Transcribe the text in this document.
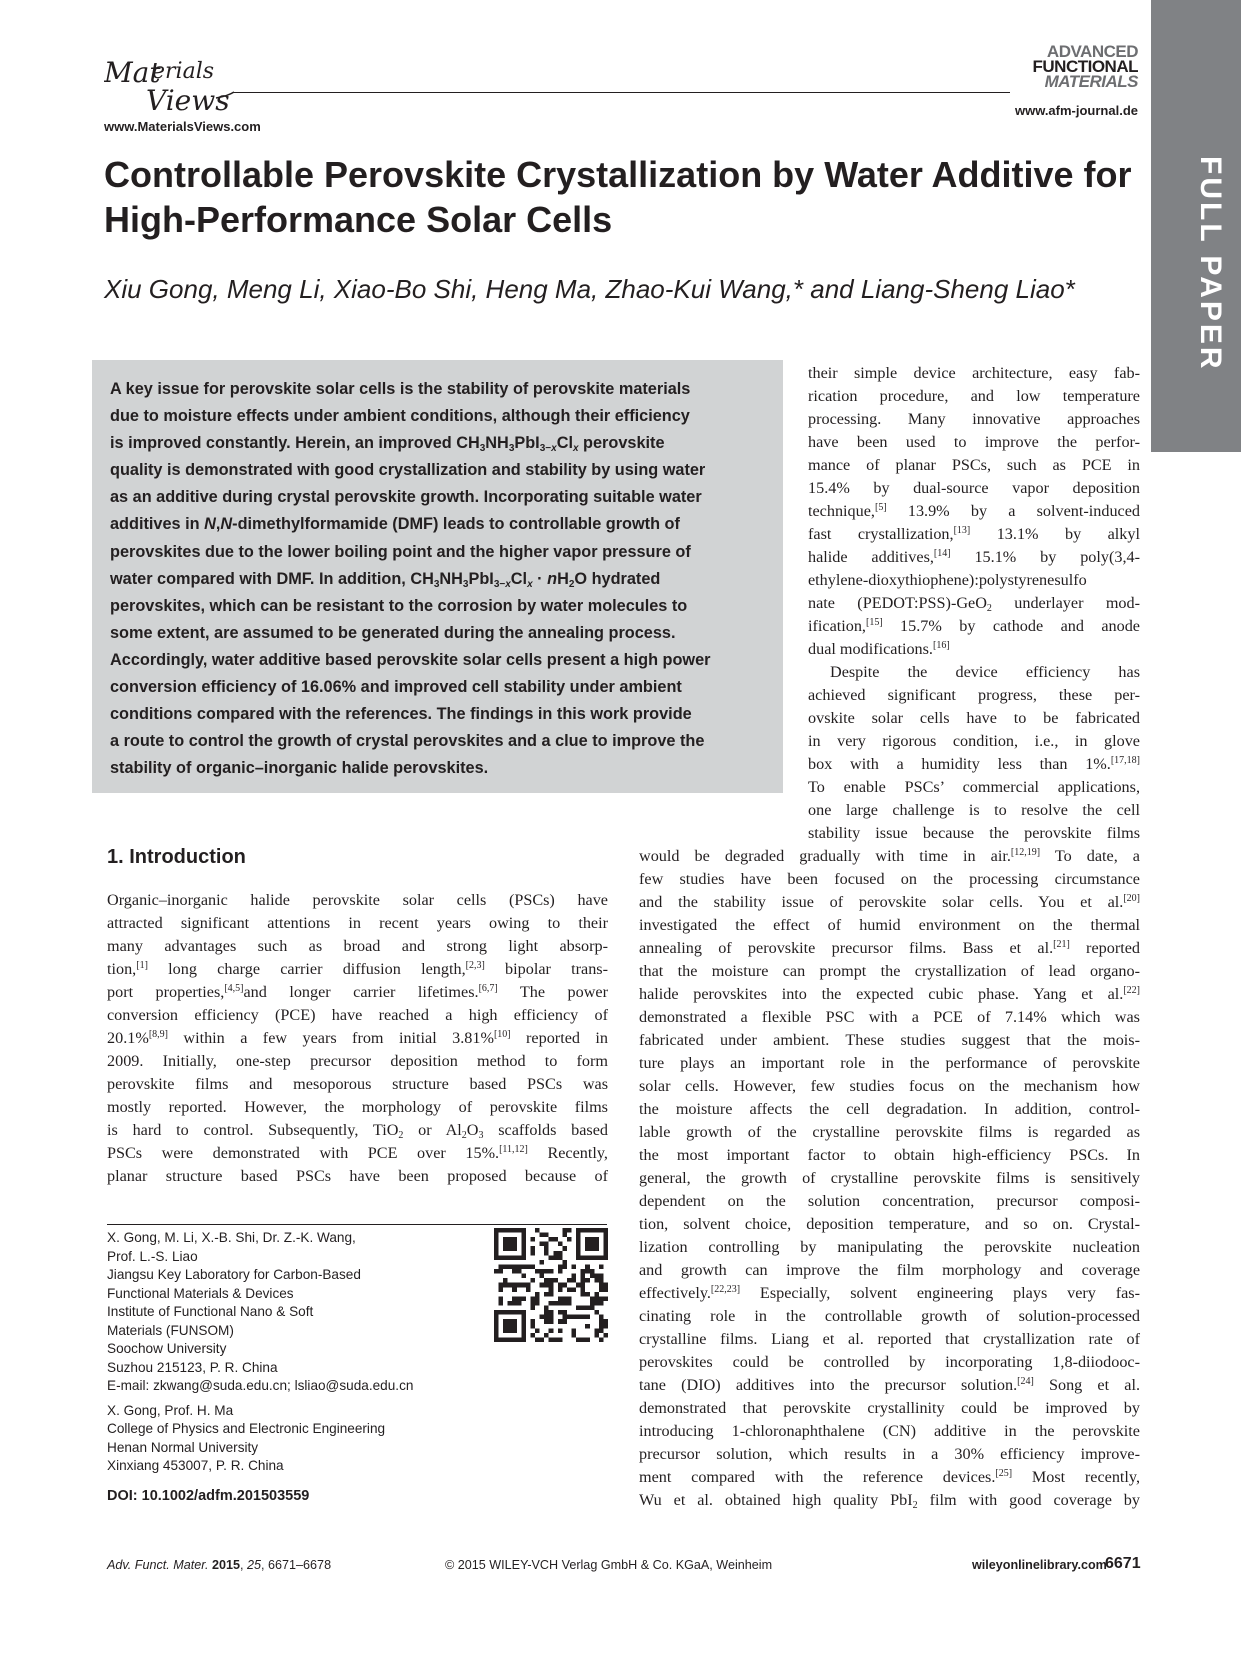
Mat
erials
Views
www.MaterialsViews.com
ADVANCED
FUNCTIONAL
MATERIALS
www.afm-journal.de
FULL PAPER
Controllable Perovskite Crystallization by Water Additive for
High-Performance Solar Cells
Xiu Gong, Meng Li, Xiao-Bo Shi, Heng Ma, Zhao-Kui Wang,* and Liang-Sheng Liao*
A key issue for perovskite solar cells is the stability of perovskite materials
due to moisture effects under ambient conditions, although their efficiency
is improved constantly. Herein, an improved $CH_3NH_3PbI_{3-x}Cl_x$ perovskite
quality is demonstrated with good crystallization and stability by using water
as an additive during crystal perovskite growth. Incorporating suitable water
additives in N,N-dimethylformamide (DMF) leads to controllable growth of
perovskites due to the lower boiling point and the higher vapor pressure of
water compared with DMF. In addition, $CH_3NH_3PbI_{3-x}Cl_x \cdot nH_2O$ hydrated
perovskites, which can be resistant to the corrosion by water molecules to
some extent, are assumed to be generated during the annealing process.
Accordingly, water additive based perovskite solar cells present a high power
conversion efficiency of 16.06% and improved cell stability under ambient
conditions compared with the references. The findings in this work provide
a route to control the growth of crystal perovskites and a clue to improve the
stability of organic–inorganic halide perovskites.
their simple device architecture, easy fab-
rication procedure, and low temperature
processing. Many innovative approaches
have been used to improve the perfor-
mance of planar PSCs, such as PCE in
15.4% by dual-source vapor deposition
technique,[5] 13.9% by a solvent-induced
fast crystallization,[13] 13.1% by alkyl
halide additives,[14] 15.1% by poly(3,4-
ethylene-dioxythiophene):polystyrenesulfo
nate (PEDOT:PSS)-GeO$_2$ underlayer mod-
ification,[15] 15.7% by cathode and anode
dual modifications.[16]
Despite the device efficiency has
achieved significant progress, these per-
ovskite solar cells have to be fabricated
in very rigorous condition, i.e., in glove
box with a humidity less than 1%.[17,18]
To enable PSCs’ commercial applications,
one large challenge is to resolve the cell
stability issue because the perovskite films
1. Introduction
Organic–inorganic halide perovskite solar cells (PSCs) have
attracted significant attentions in recent years owing to their
many advantages such as broad and strong light absorp-
tion,[1] long charge carrier diffusion length,[2,3] bipolar trans-
port properties,[4,5]and longer carrier lifetimes.[6,7] The power
conversion efficiency (PCE) have reached a high efficiency of
20.1%[8,9] within a few years from initial 3.81%[10] reported in
2009. Initially, one-step precursor deposition method to form
perovskite films and mesoporous structure based PSCs was
mostly reported. However, the morphology of perovskite films
is hard to control. Subsequently, TiO$_2$ or $Al_2O_3$ scaffolds based
PSCs were demonstrated with PCE over 15%.[11,12] Recently,
planar structure based PSCs have been proposed because of
would be degraded gradually with time in air.[12,19] To date, a
few studies have been focused on the processing circumstance
and the stability issue of perovskite solar cells. You et al.[20]
investigated the effect of humid environment on the thermal
annealing of perovskite precursor films. Bass et al.[21] reported
that the moisture can prompt the crystallization of lead organo-
halide perovskites into the expected cubic phase. Yang et al.[22]
demonstrated a flexible PSC with a PCE of 7.14% which was
fabricated under ambient. These studies suggest that the mois-
ture plays an important role in the performance of perovskite
solar cells. However, few studies focus on the mechanism how
the moisture affects the cell degradation. In addition, control-
lable growth of the crystalline perovskite films is regarded as
the most important factor to obtain high-efficiency PSCs. In
general, the growth of crystalline perovskite films is sensitively
dependent on the solution concentration, precursor composi-
tion, solvent choice, deposition temperature, and so on. Crystal-
lization controlling by manipulating the perovskite nucleation
and growth can improve the film morphology and coverage
effectively.[22,23] Especially, solvent engineering plays very fas-
cinating role in the controllable growth of solution-processed
crystalline films. Liang et al. reported that crystallization rate of
perovskites could be controlled by incorporating 1,8-diiodooc-
tane (DIO) additives into the precursor solution.[24] Song et al.
demonstrated that perovskite crystallinity could be improved by
introducing 1-chloronaphthalene (CN) additive in the perovskite
precursor solution, which results in a 30% efficiency improve-
ment compared with the reference devices.[25] Most recently,
Wu et al. obtained high quality PbI$_2$ film with good coverage by
X. Gong, M. Li, X.-B. Shi, Dr. Z.-K. Wang,
Prof. L.-S. Liao
Jiangsu Key Laboratory for Carbon-Based
Functional Materials & Devices
Institute of Functional Nano & Soft
Materials (FUNSOM)
Soochow University
Suzhou 215123, P. R. China
E-mail: zkwang@suda.edu.cn; lsliao@suda.edu.cn
X. Gong, Prof. H. Ma
College of Physics and Electronic Engineering
Henan Normal University
Xinxiang 453007, P. R. China
DOI: 10.1002/adfm.201503559
Adv. Funct. Mater. 2015, 25, 6671–6678	© 2015 WILEY-VCH Verlag GmbH & Co. KGaA, Weinheim	wileyonlinelibrary.com
6671
